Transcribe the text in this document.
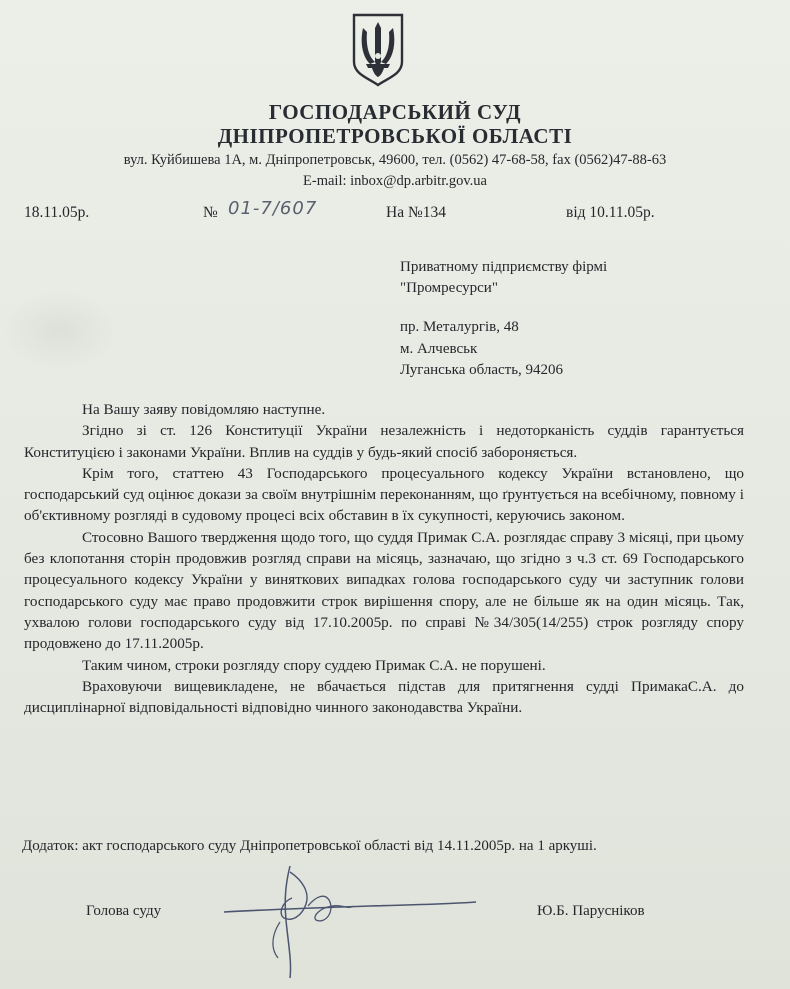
ГОСПОДАРСЬКИЙ СУД
ДНІПРОПЕТРОВСЬКОЇ ОБЛАСТІ
вул. Куйбишева 1А, м. Дніпропетровськ, 49600, тел. (0562) 47-68-58, fax (0562)47-88-63
E-mail: inbox@dp.arbitr.gov.ua
18.11.05р.	№ 01-7/607	На №134	від 10.11.05р.
Приватному підприємству фірмі
"Промресурси"
пр. Металургів, 48
м. Алчевськ
Луганська область, 94206

На Вашу заяву повідомляю наступне.

Згідно зі ст. 126 Конституції України незалежність і недоторканість суддів гарантується Конституцією і законами України. Вплив на суддів у будь-який спосіб забороняється.

Крім того, статтею 43 Господарського процесуального кодексу України встановлено, що господарський суд оцінює докази за своїм внутрішнім переконанням, що ґрунтується на всебічному, повному і об'єктивному розгляді в судовому процесі всіх обставин в їх сукупності, керуючись законом.

Стосовно Вашого твердження щодо того, що суддя Примак С.А. розглядає справу 3 місяці, при цьому без клопотання сторін продовжив розгляд справи на місяць, зазначаю, що згідно з ч.3 ст. 69 Господарського процесуального кодексу України у виняткових випадках голова господарського суду чи заступник голови господарського суду має право продовжити строк вирішення спору, але не більше як на один місяць. Так, ухвалою голови господарського суду від 17.10.2005р. по справі №34/305(14/255) строк розгляду спору продовжено до 17.11.2005р.

Таким чином, строки розгляду спору суддею Примак С.А. не порушені.

Враховуючи вищевикладене, не вбачається підстав для притягнення судді ПримакаС.А. до дисциплінарної відповідальності відповідно чинного законодавства України.

Додаток: акт господарського суду Дніпропетровської області від 14.11.2005р. на 1 аркуші.
Голова суду	Ю.Б. Парусніков
